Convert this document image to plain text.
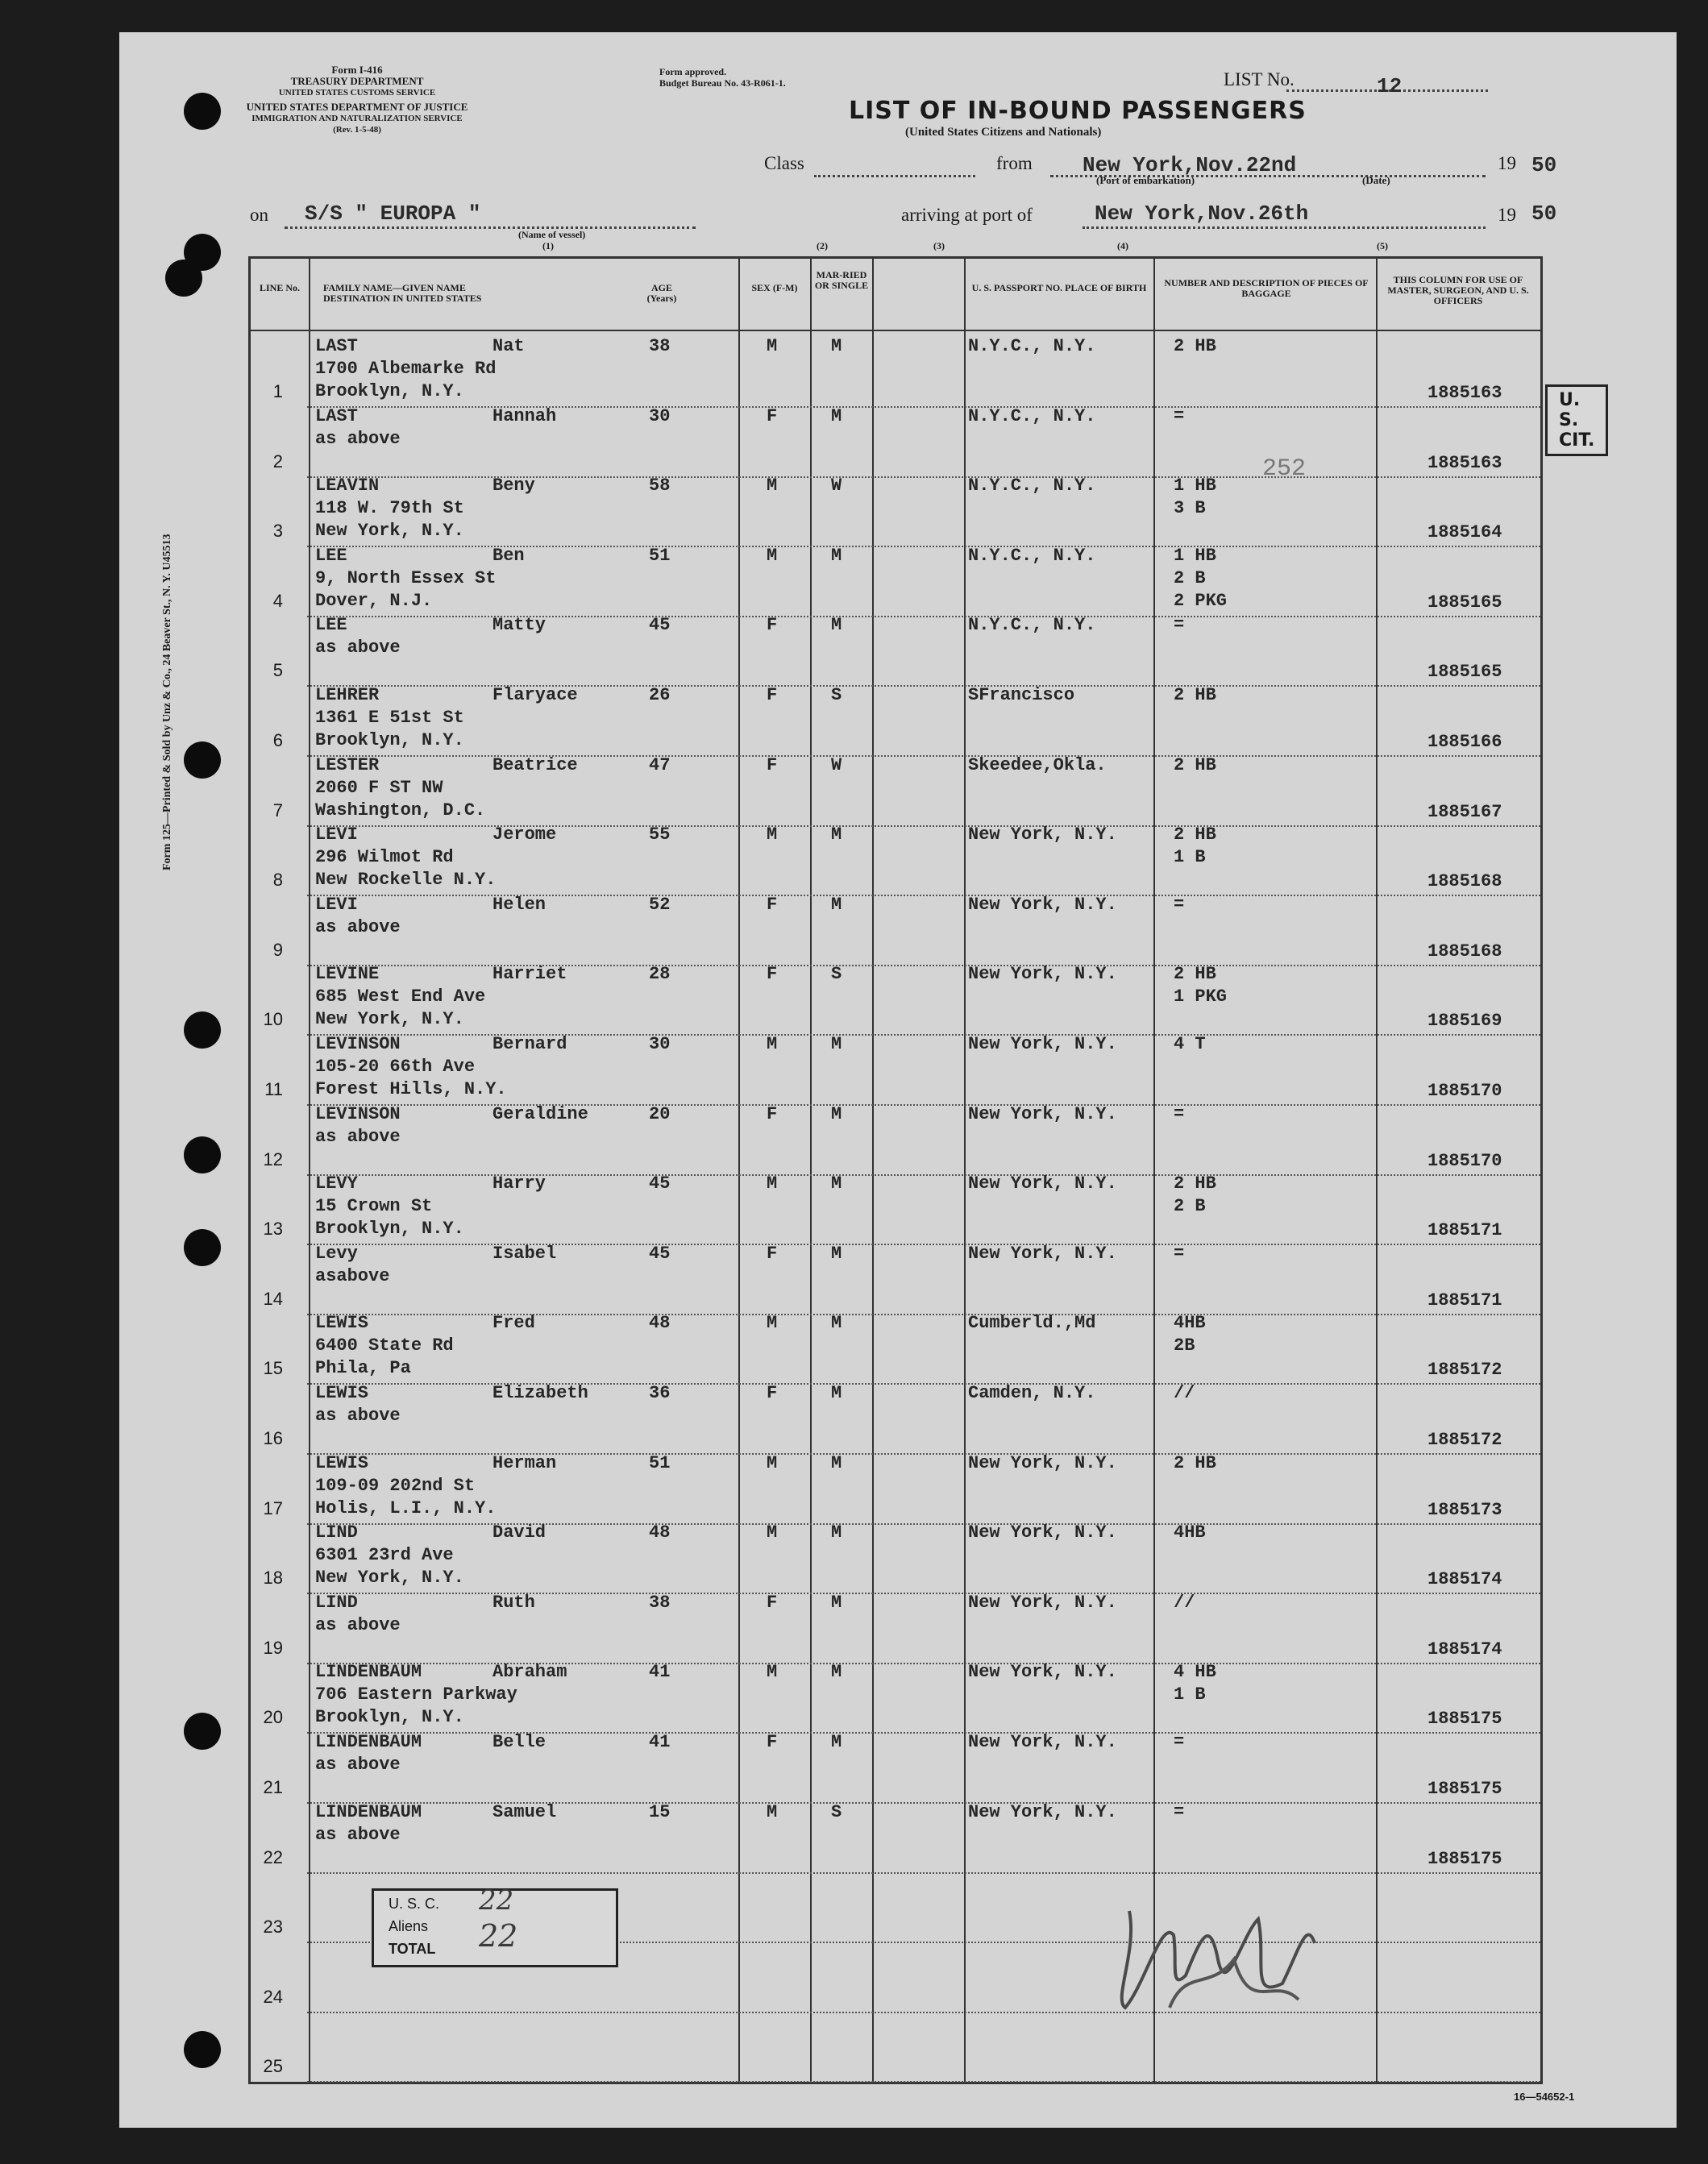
Form I-416
TREASURY DEPARTMENT
UNITED STATES CUSTOMS SERVICE
UNITED STATES DEPARTMENT OF JUSTICE
IMMIGRATION AND NATURALIZATION SERVICE
(Rev. 1-5-48)
Form approved.
Budget Bureau No. 43-R061-1.	LIST No.	12
LIST OF IN-BOUND PASSENGERS
(United States Citizens and Nationals)
Class	from New York,Nov.22nd
(Port of embarkation)	(Date)
19 50
on S/S " EUROPA "
(Name of vessel)
(1)
arriving at port of	New York,Nov.26th	19 50
(2)	(3)	(4)	(5)
Form 125—Printed & Sold by Unz & Co., 24 Beaver St., N. Y. U45513
LINE No.	FAMILY NAME—GIVEN NAME DESTINATION IN UNITED STATES
AGE (Years)
SEX (F-M)
MAR-RIED OR SINGLE	U. S. PASSPORT NO. PLACE OF BIRTH	NUMBER AND DESCRIPTION OF PIECES OF BAGGAGE
THIS COLUMN FOR USE OF MASTER, SURGEON, AND U. S. OFFICERS
1
LAST	Nat
1700 Albemarke Rd
Brooklyn, N.Y.
38	M	M	N.Y.C., N.Y.	2 HB
1885163
2
LAST	Hannah
as above
30	F	M	N.Y.C., N.Y.	=
1885163
3
LEAVIN	Beny
118 W. 79th St
New York, N.Y.
58	M	W	N.Y.C., N.Y.	1 HB
3 B
1885164
4
LEE	Ben
9, North Essex St
Dover, N.J.
51	M	M	N.Y.C., N.Y.	1 HB
2 B
2 PKG	1885165
5
LEE	Matty
as above
45	F	M	N.Y.C., N.Y.	=
1885165
6
LEHRER	Flaryace
1361 E 51st St
Brooklyn, N.Y.
26	F	S	SFrancisco	2 HB
1885166
7
LESTER	Beatrice
2060 F ST NW
Washington, D.C.
47	F	W	Skeedee,Okla.	2 HB
1885167
8
LEVI	Jerome
296 Wilmot Rd
New Rockelle N.Y.
55	M	M	New York, N.Y.	2 HB
1 B
1885168
9
LEVI	Helen
as above
52	F	M	New York, N.Y.	=
1885168
10
LEVINE	Harriet
685 West End Ave
New York, N.Y.
28	F	S	New York, N.Y.	2 HB
1 PKG
1885169
11
LEVINSON	Bernard
105-20 66th Ave
Forest Hills, N.Y.
30	M	M	New York, N.Y.	4 T
1885170
12
LEVINSON	Geraldine
as above
20	F	M	New York, N.Y.	=
1885170
13
LEVY	Harry
15 Crown St
Brooklyn, N.Y.
45	M	M	New York, N.Y.	2 HB
2 B
1885171
14
Levy	Isabel
asabove
45	F	M	New York, N.Y.	=
1885171
15
LEWIS	Fred
6400 State Rd
Phila, Pa
48	M	M	Cumberld.,Md	4HB
2B
1885172
16
LEWIS	Elizabeth
as above
36	F	M	Camden, N.Y.	//
1885172
17
LEWIS	Herman
109-09 202nd St
Holis, L.I., N.Y.
51	M	M	New York, N.Y.	2 HB
1885173
18
LIND	David
6301 23rd Ave
New York, N.Y.
48	M	M	New York, N.Y.	4HB
1885174
19
LIND	Ruth
as above
38	F	M	New York, N.Y.	//
1885174
20
LINDENBAUM	Abraham
706 Eastern Parkway
Brooklyn, N.Y.
41	M	M	New York, N.Y.	4 HB
1 B
1885175
21
LINDENBAUM	Belle
as above
41	F	M	New York, N.Y.	=
1885175
22
LINDENBAUM	Samuel
as above
15	M	S	New York, N.Y.	=
1885175
23
24
25
U. S. CIT.
252
U. S. C. 22
Aliens
TOTAL 22
16—54652-1
